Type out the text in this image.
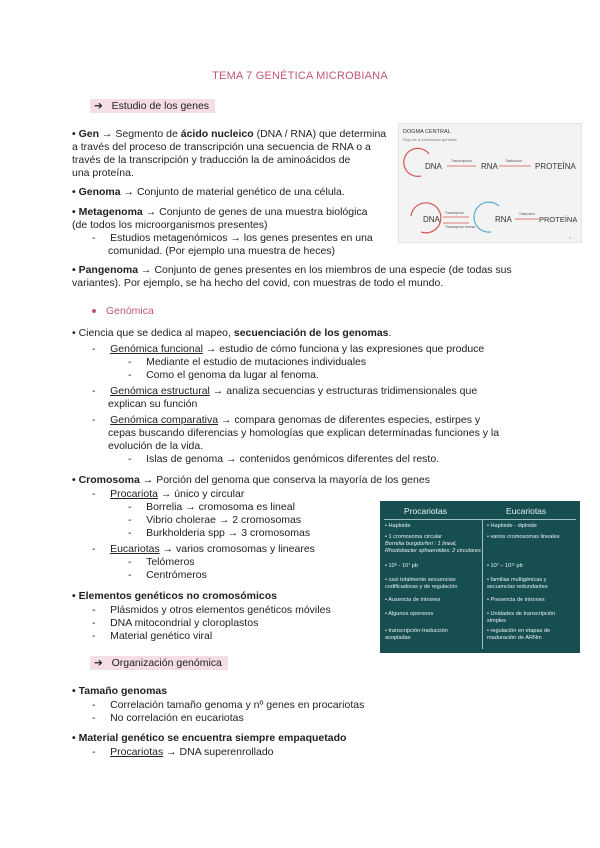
TEMA 7 GENÉTICA MICROBIANA
➔ Estudio de los genes
• Gen → Segmento de ácido nucleico (DNA / RNA) que determina
a través del proceso de transcripción una secuencia de RNA o a
través de la transcripción y traducción la de aminoácidos de
una proteína.
• Genoma → Conjunto de material genético de una célula.
• Metagenoma → Conjunto de genes de una muestra biológica
(de todos los microorganismos presentes)
-     Estudios metagenómicos → los genes presentes en una
comunidad. (Por ejemplo una muestra de heces)
• Pangenoma → Conjunto de genes presentes en los miembros de una especie (de todas sus
variantes). Por ejemplo, se ha hecho del covid, con muestras de todo el mundo.
DOGMA CENTRAL
Flujo de la información genética
DNA
Transcripción
RNA
Traducción
PROTEÍNA
DNA
Transcripción
Transcripción inversa
RNA
Traducción
PROTEÍNA
© ...
Genómica
• Ciencia que se dedica al mapeo, secuenciación de los genomas.
-     Genómica funcional → estudio de cómo funciona y las expresiones que produce
-     Mediante el estudio de mutaciones individuales
-     Como el genoma da lugar al fenoma.
-     Genómica estructural → analiza secuencias y estructuras tridimensionales que
explican su función
-     Genómica comparativa → compara genomas de diferentes especies, estirpes y
cepas buscando diferencias y homologías que explican determinadas funciones y la
evolución de la vida.
-     Islas de genoma → contenidos genómicos diferentes del resto.
• Cromosoma → Porción del genoma que conserva la mayoría de los genes
-     Procariota → único y circular
-     Borrelia → cromosoma es lineal
-     Vibrio cholerae → 2 cromosomas
-     Burkholderia spp → 3 cromosomas
-     Eucariotas → varios cromosomas y lineares
-     Telómeros
-     Centrómeros
• Elementos genéticos no cromosómicos
-     Plásmidos y otros elementos genéticos móviles
-     DNA mitocondrial y cloroplastos
-     Material genético viral
Procariotas	Eucariotas
• Haploide
• 1 cromosoma circular
Borrelia burgdorferi : 1 lineal,
Rhodobacter sphaeroides: 2 circulares
• 10⁶ - 10⁷ pb
• casi totalmente secuencias
codificadoras y de regulación
• Ausencia de intrones
• Algunos operones
• transcripción-traducción
acopladas
• Haploide - diploide
• varios cromosomas lineales
• 10⁷ – 10¹¹ pb
• familias multigénicas y
secuencias redundantes
• Presencia de intrones
• Unidades de transcripción
simples
• regulación en etapas de
maduración de ARNm
➔ Organización genómica
• Tamaño genomas
-     Correlación tamaño genoma y nº genes en procariotas
-     No correlación en eucariotas
• Material genético se encuentra siempre empaquetado
-     Procariotas → DNA superenrollado
